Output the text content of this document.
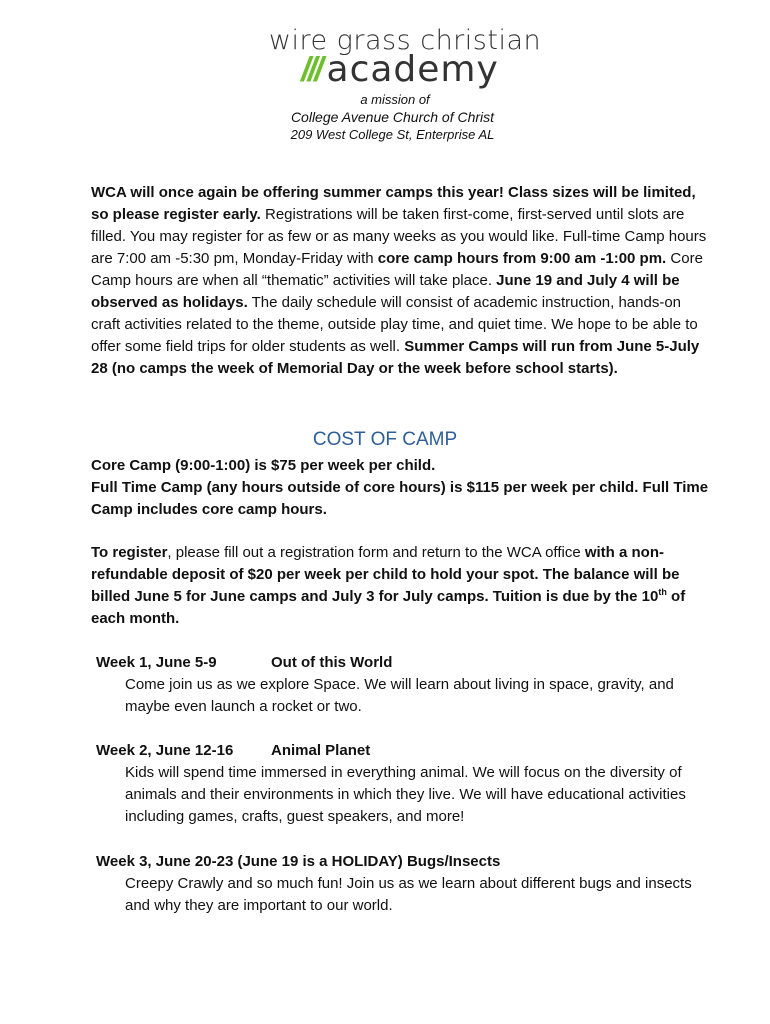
wire grass christian
/// academy
a mission of
College Avenue Church of Christ
209 West College St, Enterprise AL
WCA will once again be offering summer camps this year! Class sizes will be limited, so please register early. Registrations will be taken first-come, first-served until slots are filled. You may register for as few or as many weeks as you would like. Full-time Camp hours are 7:00 am -5:30 pm, Monday-Friday with core camp hours from 9:00 am -1:00 pm. Core Camp hours are when all “thematic” activities will take place. June 19 and July 4 will be observed as holidays. The daily schedule will consist of academic instruction, hands-on craft activities related to the theme, outside play time, and quiet time. We hope to be able to offer some field trips for older students as well. Summer Camps will run from June 5-July 28 (no camps the week of Memorial Day or the week before school starts).
COST OF CAMP
Core Camp (9:00-1:00) is $75 per week per child.
Full Time Camp (any hours outside of core hours) is $115 per week per child. Full Time Camp includes core camp hours.
To register, please fill out a registration form and return to the WCA office with a non-refundable deposit of $20 per week per child to hold your spot. The balance will be billed June 5 for June camps and July 3 for July camps. Tuition is due by the 10th of each month.
Week 1, June 5-9	Out of this World
Come join us as we explore Space. We will learn about living in space, gravity, and maybe even launch a rocket or two.
Week 2, June 12-16	Animal Planet
Kids will spend time immersed in everything animal. We will focus on the diversity of animals and their environments in which they live. We will have educational activities including games, crafts, guest speakers, and more!
Week 3, June 20-23 (June 19 is a HOLIDAY)
Bugs/Insects
Creepy Crawly and so much fun! Join us as we learn about different bugs and insects and why they are important to our world.
